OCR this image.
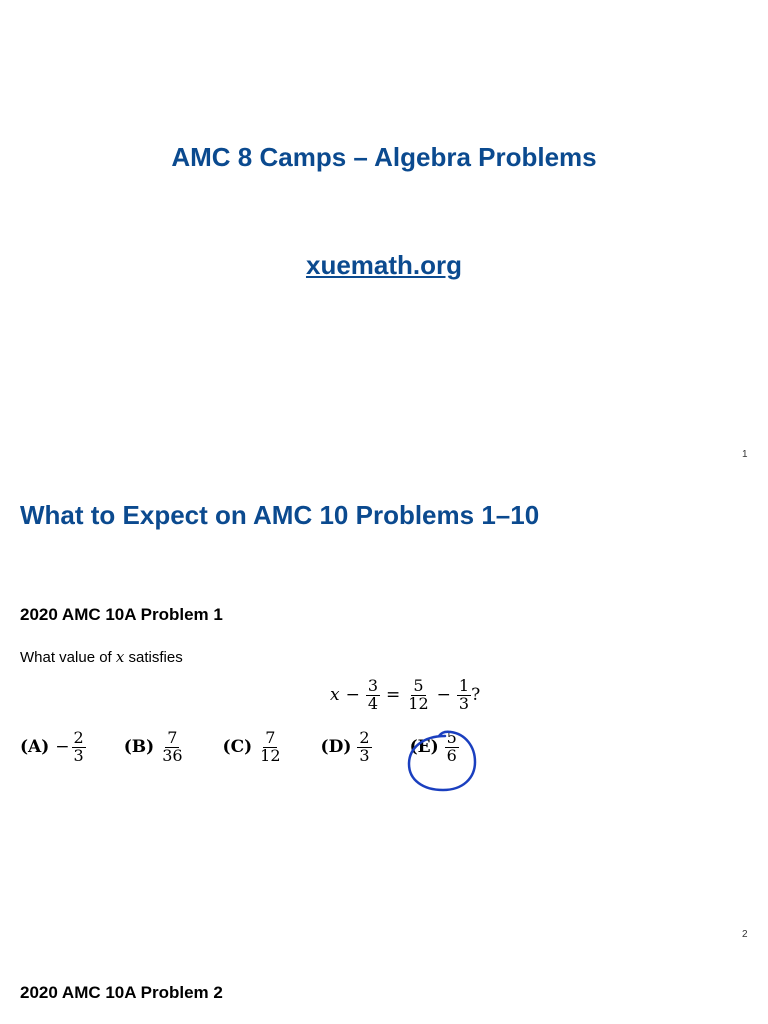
AMC 8 Camps – Algebra Problems
xuemath.org
1
What to Expect on AMC 10 Problems 1–10
2020 AMC 10A Problem 1
What value of x satisfies
$x - \frac{3}{4} = \frac{5}{12} - \frac{1}{3}$ ?
$(A) - \frac{2}{3} (B) \frac{7}{36} (C) \frac{7}{12} (D) \frac{2}{3} (E) \frac{5}{6}$
2
2020 AMC 10A Problem 2
